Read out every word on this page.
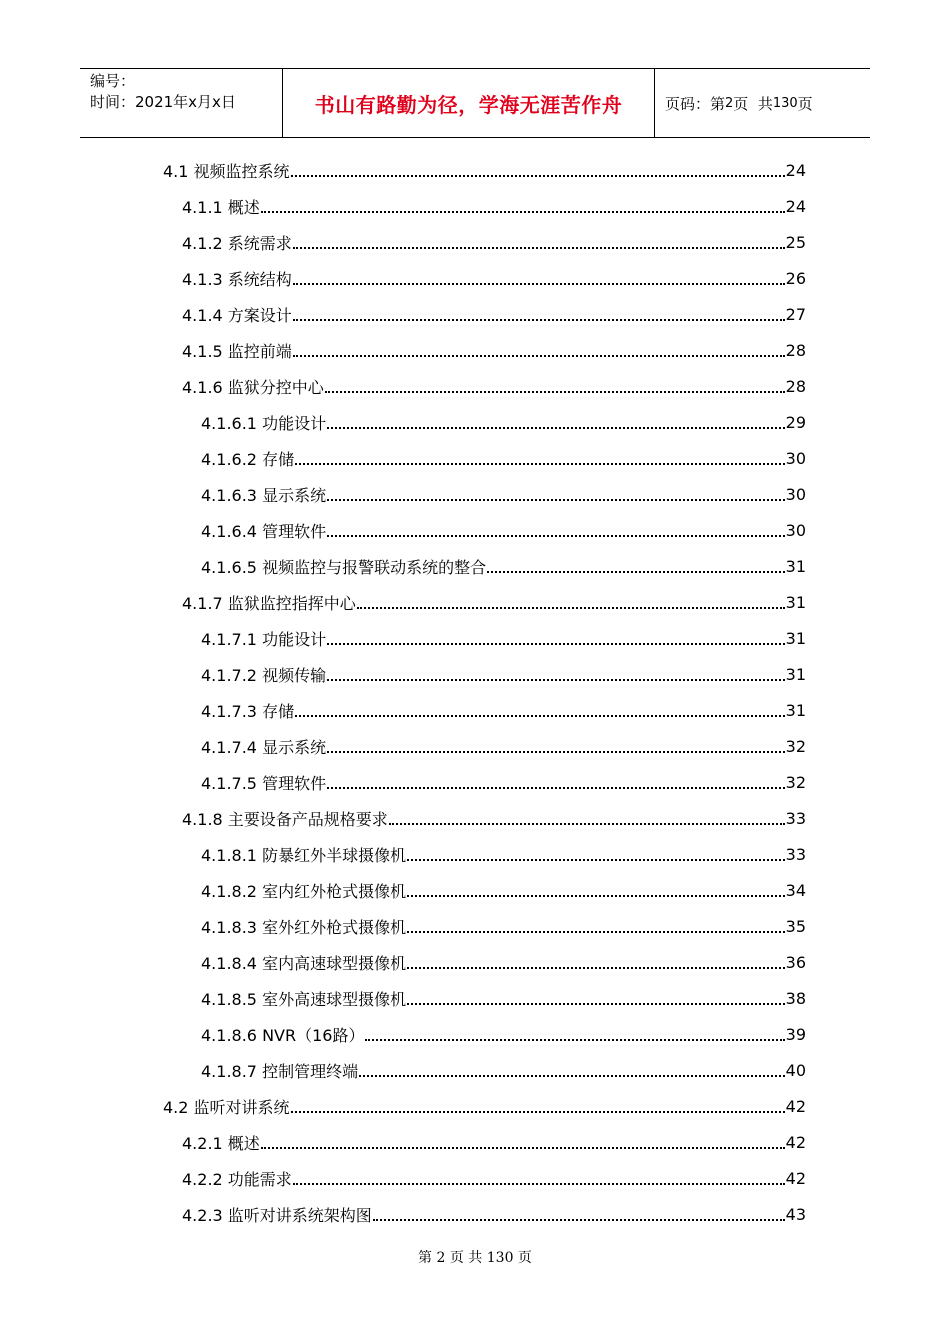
编号：
时间：2021年x月x日	书山有路勤为径，学海无涯苦作舟	页码：第 2 页  共 130 页
4.1 视频监控系统	24
4.1.1 概述	24
4.1.2 系统需求	25
4.1.3 系统结构	26
4.1.4 方案设计	27
4.1.5 监控前端	28
4.1.6 监狱分控中心	28
4.1.6.1 功能设计	29
4.1.6.2 存储	30
4.1.6.3 显示系统	30
4.1.6.4 管理软件	30
4.1.6.5 视频监控与报警联动系统的整合	31
4.1.7 监狱监控指挥中心	31
4.1.7.1 功能设计	31
4.1.7.2 视频传输	31
4.1.7.3 存储	31
4.1.7.4 显示系统	32
4.1.7.5 管理软件	32
4.1.8 主要设备产品规格要求	33
4.1.8.1 防暴红外半球摄像机	33
4.1.8.2 室内红外枪式摄像机	34
4.1.8.3 室外红外枪式摄像机	35
4.1.8.4 室内高速球型摄像机	36
4.1.8.5 室外高速球型摄像机	38
4.1.8.6 NVR（16路）	39
4.1.8.7 控制管理终端	40
4.2 监听对讲系统	42
4.2.1 概述	42
4.2.2 功能需求	42
4.2.3 监听对讲系统架构图	43
第 2 页 共 130 页
